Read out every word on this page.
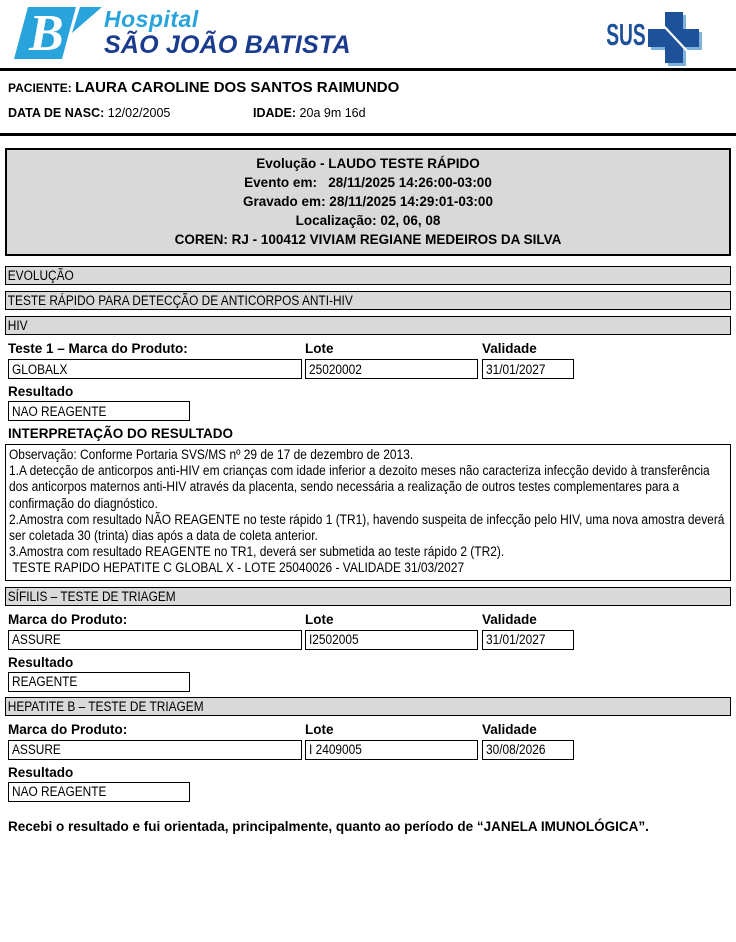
B Hospital
SÃO JOÃO BATISTA	SUS
PACIENTE: LAURA CAROLINE DOS SANTOS RAIMUNDO
DATA DE NASC: 12/02/2005	IDADE: 20a 9m 16d
Evolução - LAUDO TESTE RÁPIDO
Evento em:   28/11/2025 14:26:00-03:00
Gravado em: 28/11/2025 14:29:01-03:00
Localização: 02, 06, 08
COREN: RJ - 100412 VIVIAM REGIANE MEDEIROS DA SILVA
EVOLUÇÃO
TESTE RÁPIDO PARA DETECÇÃO DE ANTICORPOS ANTI-HIV
HIV
Teste 1 – Marca do Produto:	Lote	Validade
GLOBALX	25020002	31/01/2027
Resultado
NAO REAGENTE
INTERPRETAÇÃO DO RESULTADO

Observação: Conforme Portaria SVS/MS nº 29 de 17 de dezembro de 2013.

1.A detecção de anticorpos anti-HIV em crianças com idade inferior a dezoito meses não caracteriza infecção devido à transferência dos anticorpos maternos anti-HIV através da placenta, sendo necessária a realização de outros testes complementares para a confirmação do diagnóstico.

2.Amostra com resultado NÃO REAGENTE no teste rápido 1 (TR1), havendo suspeita de infecção pelo HIV, uma nova amostra deverá ser coletada 30 (trinta) dias após a data de coleta anterior.

3.Amostra com resultado REAGENTE no TR1, deverá ser submetida ao teste rápido 2 (TR2).

TESTE RAPIDO HEPATITE C GLOBAL X - LOTE 25040026 - VALIDADE 31/03/2027

SÍFILIS – TESTE DE TRIAGEM
Marca do Produto:	Lote	Validade
ASSURE	I2502005	31/01/2027
Resultado
REAGENTE
HEPATITE B – TESTE DE TRIAGEM
Marca do Produto:	Lote	Validade
ASSURE	I 2409005	30/08/2026
Resultado
NAO REAGENTE
Recebi o resultado e fui orientada, principalmente, quanto ao período de “JANELA IMUNOLÓGICA”.
